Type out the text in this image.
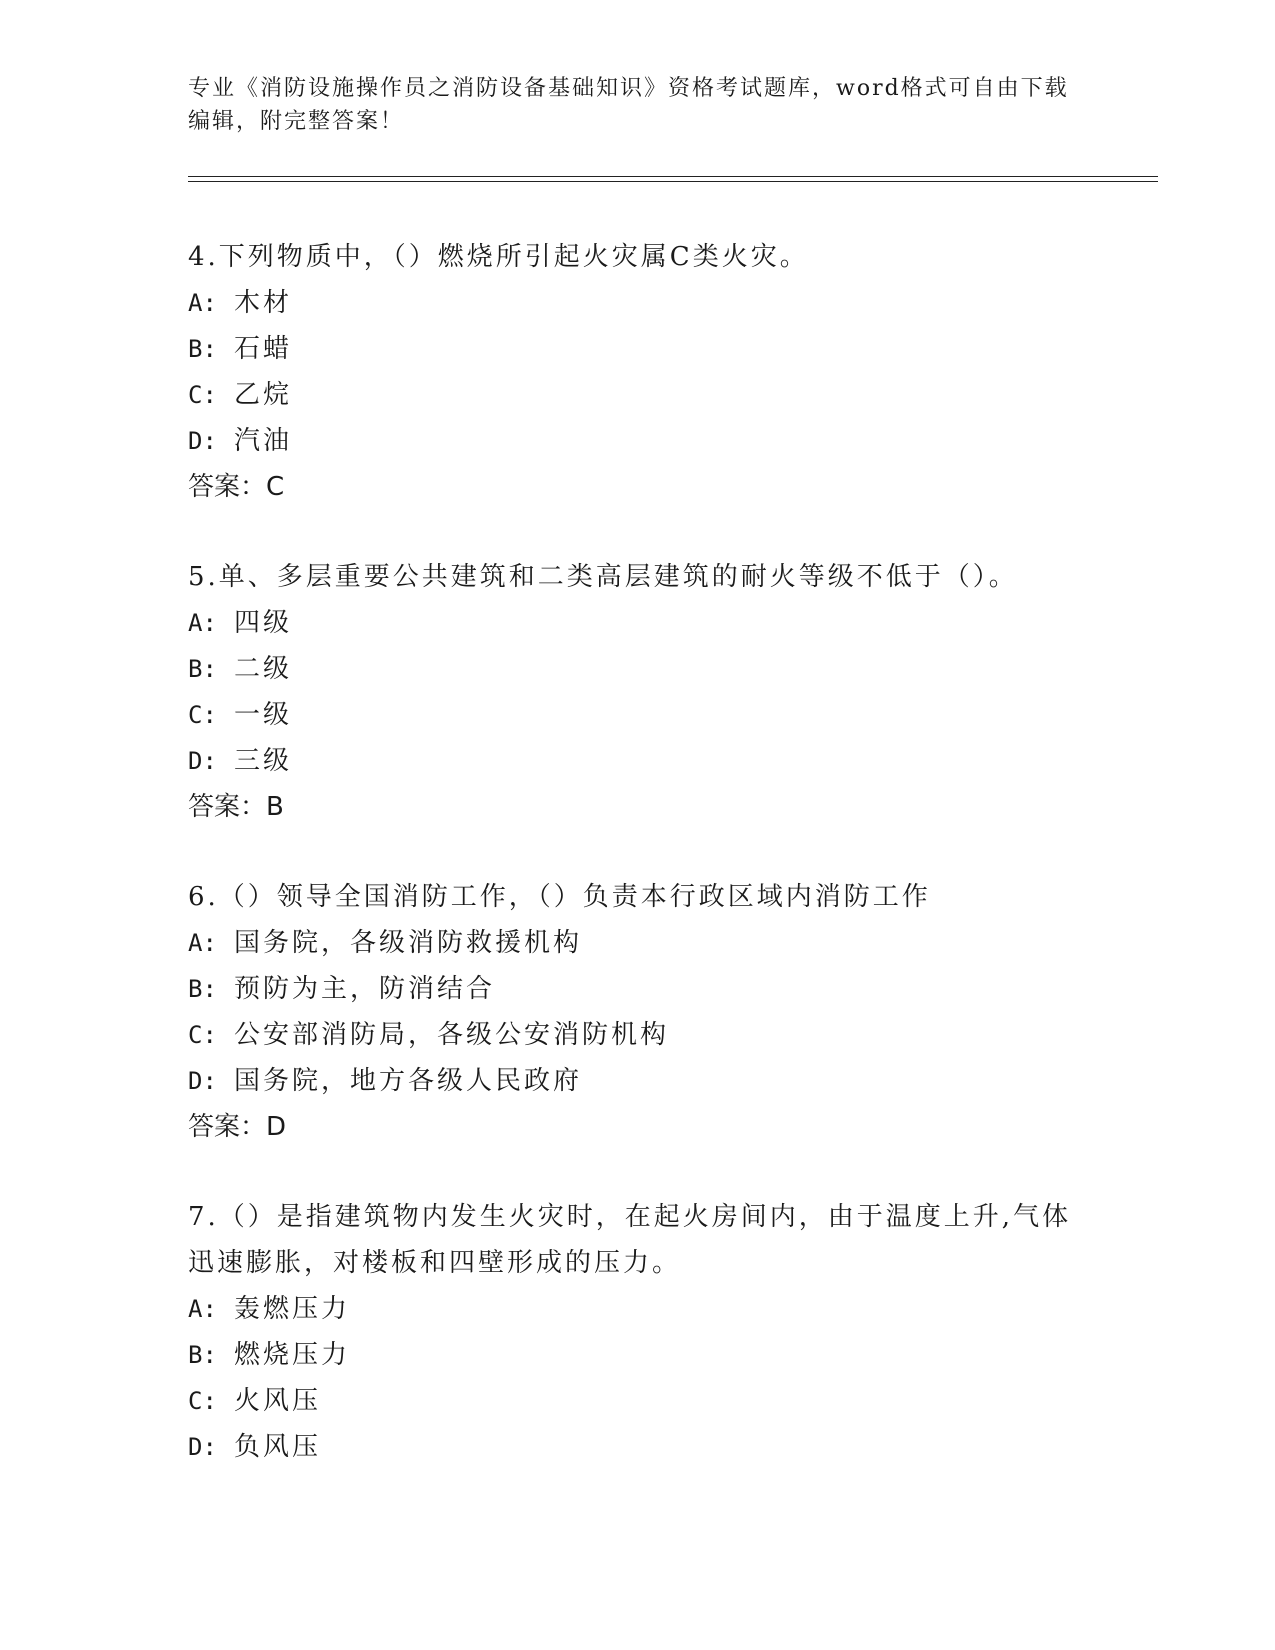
专业《消防设施操作员之消防设备基础知识》资格考试题库，word格式可自由下载编辑，附完整答案！

4.下列物质中，（）燃烧所引起火灾属C类火灾。

A: 木材

B: 石蜡

C: 乙烷

D: 汽油

答案：C

5.单、多层重要公共建筑和二类高层建筑的耐火等级不低于（）。

A: 四级

B: 二级

C: 一级

D: 三级

答案：B

6.（）领导全国消防工作，（）负责本行政区域内消防工作

A: 国务院，各级消防救援机构

B: 预防为主，防消结合

C: 公安部消防局，各级公安消防机构

D: 国务院，地方各级人民政府

答案：D

7.（）是指建筑物内发生火灾时，在起火房间内，由于温度上升,气体迅速膨胀，对楼板和四壁形成的压力。

A: 轰燃压力

B: 燃烧压力

C: 火风压

D: 负风压
